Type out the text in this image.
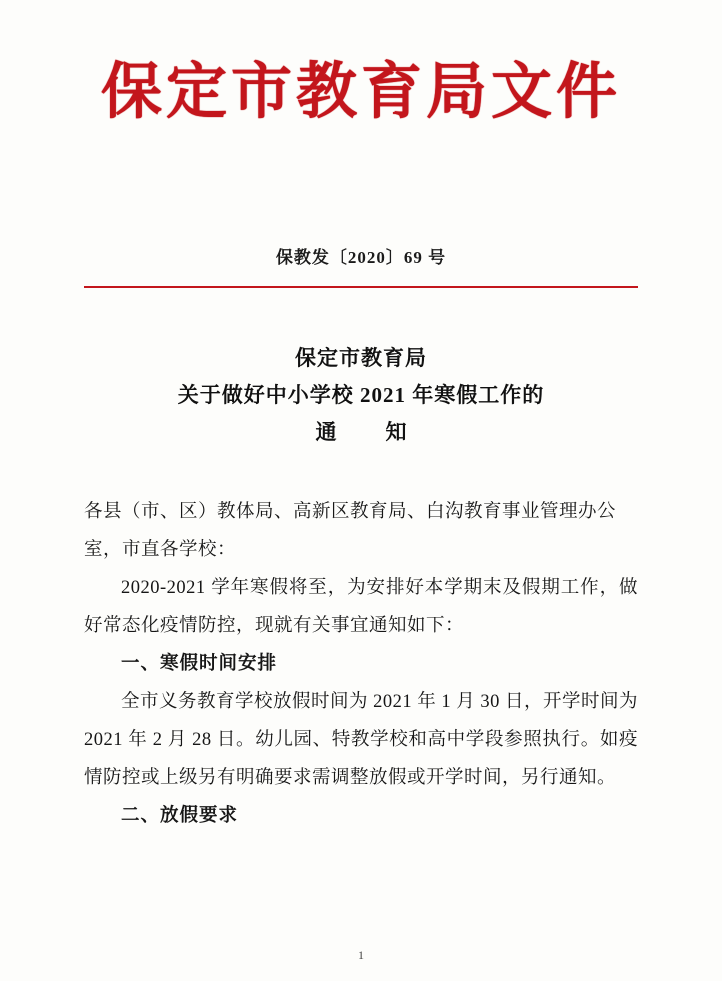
保定市教育局文件
保教发〔2020〕69 号
保定市教育局
关于做好中小学校 2021 年寒假工作的
通　知

各县（市、区）教体局、高新区教育局、白沟教育事业管理办公

室，市直各学校：

2020-2021 学年寒假将至，为安排好本学期末及假期工作，做好常态化疫情防控，现就有关事宜通知如下：

一、寒假时间安排

全市义务教育学校放假时间为 2021 年 1 月 30 日，开学时间为 2021 年 2 月 28 日。幼儿园、特教学校和高中学段参照执行。如疫情防控或上级另有明确要求需调整放假或开学时间，另行通知。

二、放假要求

1
